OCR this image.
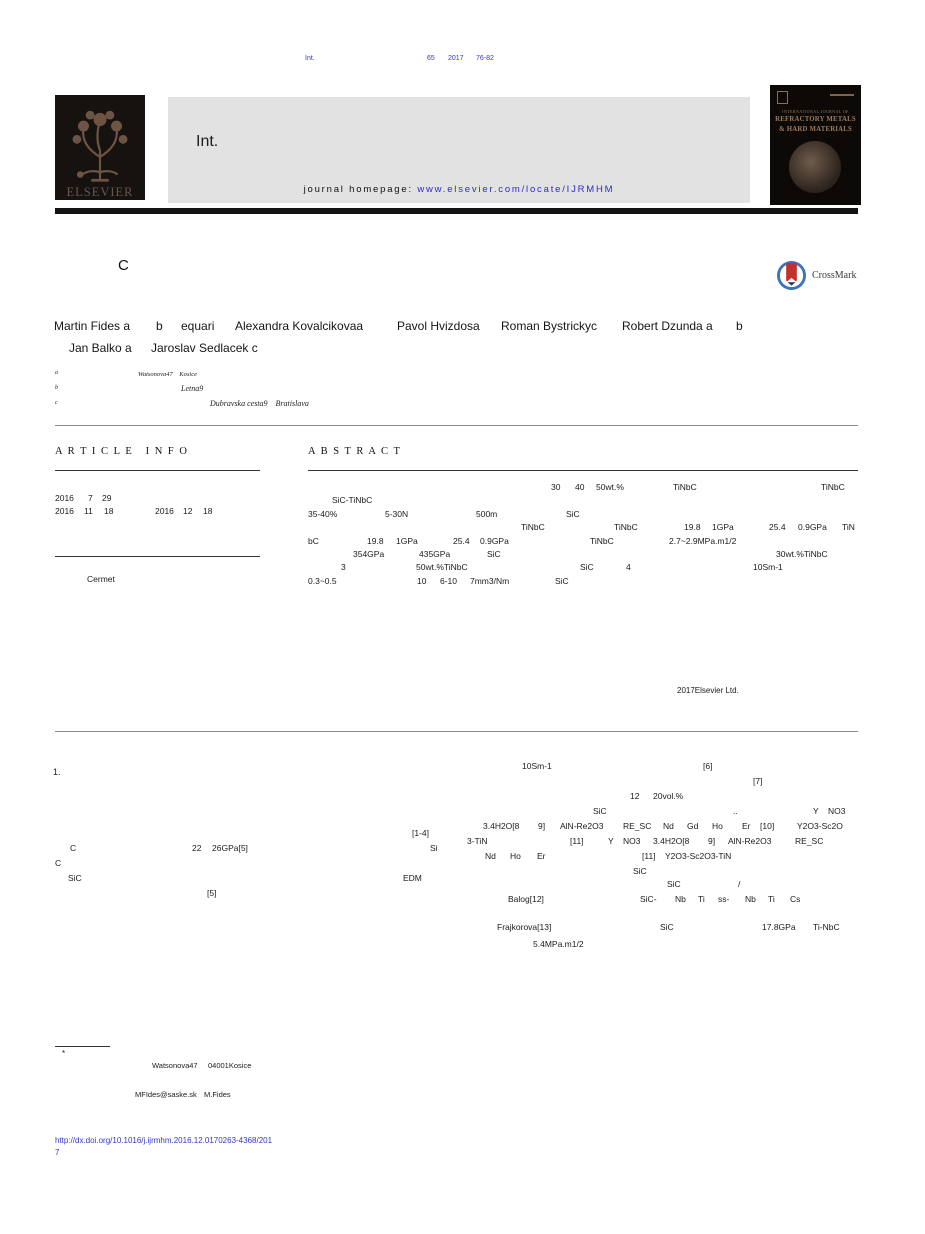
Int.	65 2017 76-82
ELSEVIER
Int.
journal homepage: www.elsevier.com/locate/IJRMHM
INTERNATIONAL JOURNAL OF
REFRACTORY METALS
& HARD MATERIALS
C
CrossMark
Martin Fides a b equari Alexandra Kovalcikovaa	Pavol Hvizdosa Roman Bystrickyc Robert Dzunda a b
Jan Balko a Jaroslav Sedlacek c
a	Watsonova47    Kosice
b	Letna9
c	Dubravska cesta9    Bratislava
A R T I C L E   I N F O
2016 7 29
2016 11 18	2016 12 18
Cermet
A B S T R A C T
30 40 50wt.%	TiNbC	TiNbC
SiC-TiNbC
35-40%	5-30N	500m	SiC
TiNbC	TiNbC	19.8 1GPa	25.4 0.9GPa TiN
bC	19.8 1GPa	25.4 0.9GPa	TiNbC	2.7~2.9MPa.m1/2
354GPa	435GPa	SiC	30wt.%TiNbC
3	50wt.%TiNbC	SiC	4	10Sm-1
0.3~0.5	10 6-10 7mm3/Nm	SiC
2017Elsevier Ltd.
1.
[1-4]
C	22 26GPa[5]	Si
C
SiC	EDM
[5]
10Sm-1	[6]
[7]
12 20vol.%
SiC	..	Y NO3
3.4H2O[8 9] AlN-Re2O3 RE_SC Nd Gd Ho Er [10]	Y2O3-Sc2O
3-TiN	[11]	Y NO3 3.4H2O[8 9] AlN-Re2O3	RE_SC
Nd Ho Er	[11] Y2O3-Sc2O3-TiN
SiC
SiC	/
Balog[12]	SiC- Nb Ti ss- Nb Ti Cs
Frajkorova[13]	SiC	17.8GPa Ti-NbC
5.4MPa.m1/2
*
Watsonova47     04001Kosice
MFIdes@saske.sk M.Fides
http://dx.doi.org/10.1016/j.ijrmhm.2016.12.0170263-4368/201
7
